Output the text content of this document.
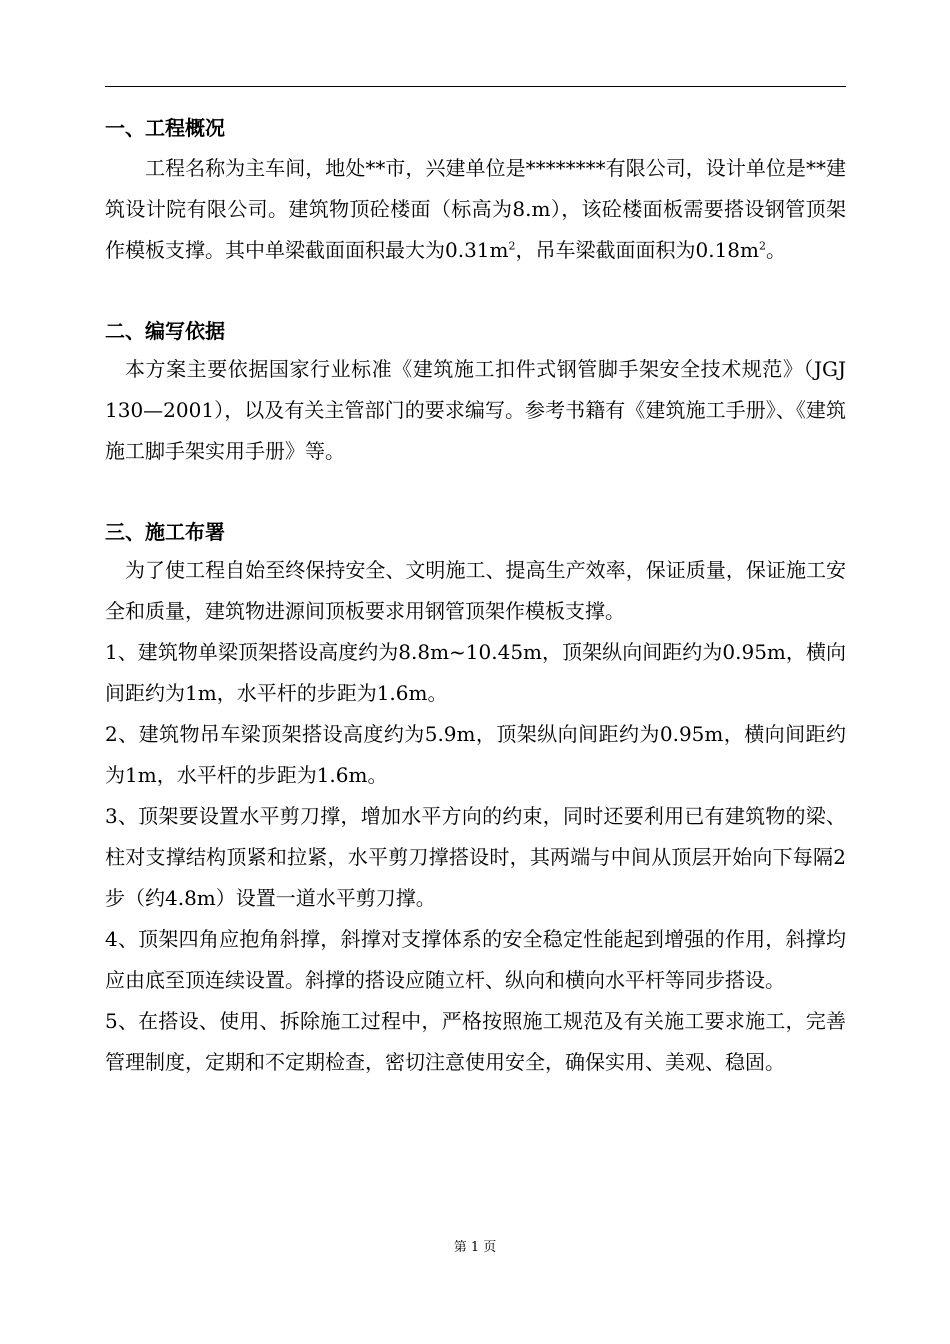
一、工程概况

工程名称为主车间，地处**市，兴建单位是********有限公司，设计单位是**建筑设计院有限公司。建筑物顶砼楼面（标高为8.m），该砼楼面板需要搭设钢管顶架作模板支撑。其中单梁截面面积最大为$0.31m^2$，吊车梁截面面积为$0.18m^2$。

二、编写依据

本方案主要依据国家行业标准《建筑施工扣件式钢管脚手架安全技术规范》（JGJ 130—2001），以及有关主管部门的要求编写。参考书籍有《建筑施工手册》、《建筑施工脚手架实用手册》等。

三、施工布署

为了使工程自始至终保持安全、文明施工、提高生产效率，保证质量，保证施工安全和质量，建筑物进源间顶板要求用钢管顶架作模板支撑。

1、建筑物单梁顶架搭设高度约为8.8m~10.45m，顶架纵向间距约为0.95m，横向间距约为1m，水平杆的步距为1.6m。

2、建筑物吊车梁顶架搭设高度约为5.9m，顶架纵向间距约为0.95m，横向间距约为1m，水平杆的步距为1.6m。

3、顶架要设置水平剪刀撑，增加水平方向的约束，同时还要利用已有建筑物的梁、柱对支撑结构顶紧和拉紧，水平剪刀撑搭设时，其两端与中间从顶层开始向下每隔2步（约4.8m）设置一道水平剪刀撑。

4、顶架四角应抱角斜撑，斜撑对支撑体系的安全稳定性能起到增强的作用，斜撑均应由底至顶连续设置。斜撑的搭设应随立杆、纵向和横向水平杆等同步搭设。

5、在搭设、使用、拆除施工过程中，严格按照施工规范及有关施工要求施工，完善管理制度，定期和不定期检查，密切注意使用安全，确保实用、美观、稳固。

第 1 页
